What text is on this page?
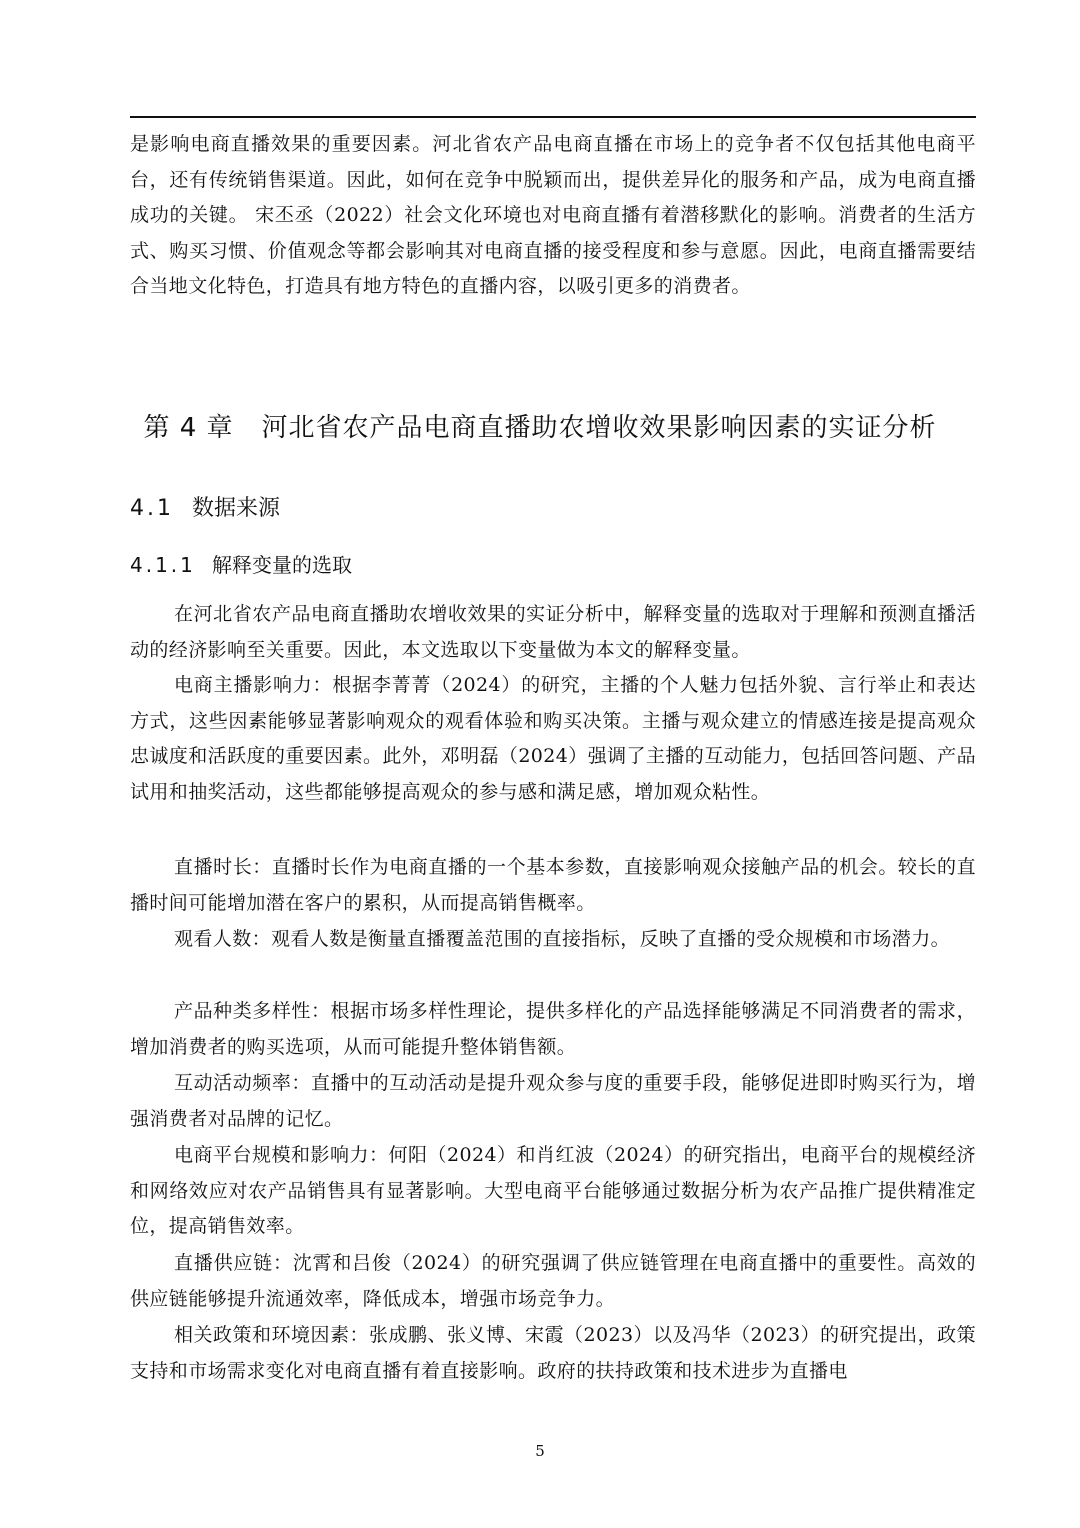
是影响电商直播效果的重要因素。河北省农产品电商直播在市场上的竞争者不仅包括其他电商平台，还有传统销售渠道。因此，如何在竞争中脱颖而出，提供差异化的服务和产品，成为电商直播成功的关键。 宋丕丞（2022）社会文化环境也对电商直播有着潜移默化的影响。消费者的生活方式、购买习惯、价值观念等都会影响其对电商直播的接受程度和参与意愿。因此，电商直播需要结合当地文化特色，打造具有地方特色的直播内容，以吸引更多的消费者。

第 4 章 河北省农产品电商直播助农增收效果影响因素的实证分析
4.1 数据来源
4.1.1 解释变量的选取

在河北省农产品电商直播助农增收效果的实证分析中，解释变量的选取对于理解和预测直播活动的经济影响至关重要。因此，本文选取以下变量做为本文的解释变量。

电商主播影响力：根据李菁菁（2024）的研究，主播的个人魅力包括外貌、言行举止和表达方式，这些因素能够显著影响观众的观看体验和购买决策。主播与观众建立的情感连接是提高观众忠诚度和活跃度的重要因素。此外，邓明磊（2024）强调了主播的互动能力，包括回答问题、产品试用和抽奖活动，这些都能够提高观众的参与感和满足感，增加观众粘性。

直播时长：直播时长作为电商直播的一个基本参数，直接影响观众接触产品的机会。较长的直播时间可能增加潜在客户的累积，从而提高销售概率。

观看人数：观看人数是衡量直播覆盖范围的直接指标，反映了直播的受众规模和市场潜力。

产品种类多样性：根据市场多样性理论，提供多样化的产品选择能够满足不同消费者的需求，增加消费者的购买选项，从而可能提升整体销售额。

互动活动频率：直播中的互动活动是提升观众参与度的重要手段，能够促进即时购买行为，增强消费者对品牌的记忆。

电商平台规模和影响力：何阳（2024）和肖红波（2024）的研究指出，电商平台的规模经济和网络效应对农产品销售具有显著影响。大型电商平台能够通过数据分析为农产品推广提供精准定位，提高销售效率。

直播供应链：沈霄和吕俊（2024）的研究强调了供应链管理在电商直播中的重要性。高效的供应链能够提升流通效率，降低成本，增强市场竞争力。

相关政策和环境因素：张成鹏、张义博、宋霞（2023）以及冯华（2023）的研究提出，政策支持和市场需求变化对电商直播有着直接影响。政府的扶持政策和技术进步为直播电

5
